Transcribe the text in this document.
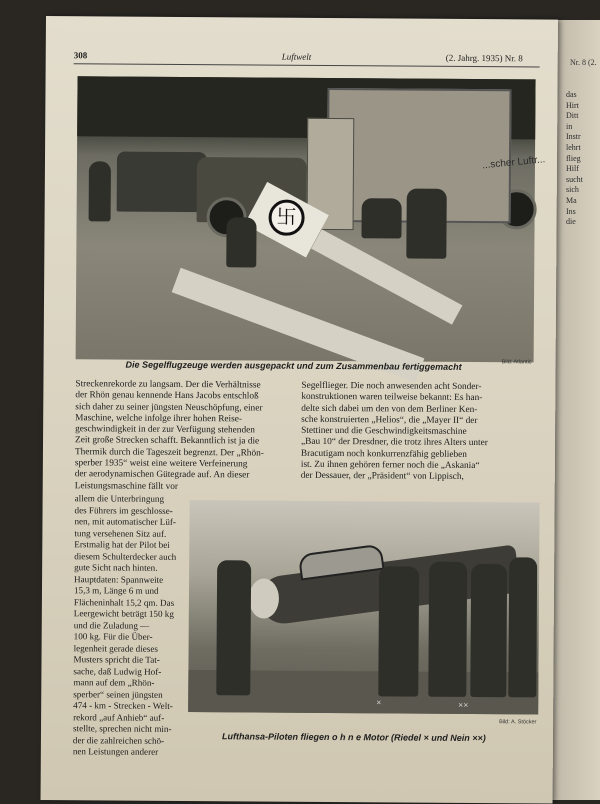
Nr. 8 (2.
das
Hirt
Ditt
in
Instr
lehrt
flieg
Hilf
sucht
sich
Ma
Ins
die
308	Luftwelt	(2. Jahrg. 1935) Nr. 8
...scher Luftr...
卐
Bild: Atlantic
Die Segelflugzeuge werden ausgepackt und zum Zusammenbau fertiggemacht
Streckenrekorde zu langsam. Der die Verhältnisse
der Rhön genau kennende Hans Jacobs entschloß
sich daher zu seiner jüngsten Neuschöpfung, einer
Maschine, welche infolge ihrer hohen Reise-
geschwindigkeit in der zur Verfügung stehenden
Zeit große Strecken schafft. Bekanntlich ist ja die
Thermik durch die Tageszeit begrenzt. Der „Rhön-
sperber 1935“ weist eine weitere Verfeinerung
der aerodynamischen Gütegrade auf. An dieser
Leistungsmaschine fällt vor
Segelflieger. Die noch anwesenden acht Sonder-
konstruktionen waren teilweise bekannt: Es han-
delte sich dabei um den von dem Berliner Ken-
sche konstruierten „Helios“, die „Mayer II“ der
Stettiner und die Geschwindigkeitsmaschine
„Bau 10“ der Dresdner, die trotz ihres Alters unter
Bracutigam noch konkurrenzfähig geblieben
ist. Zu ihnen gehören ferner noch die „Askania“
der Dessauer, der „Präsident“ von Lippisch,
allem die Unterbringung
des Führers im geschlosse-
nen, mit automatischer Lüf-
tung versehenen Sitz auf.
Erstmalig hat der Pilot bei
diesem Schulterdecker auch
gute Sicht nach hinten.
Hauptdaten: Spannweite
15,3 m, Länge 6 m und
Flächeninhalt 15,2 qm. Das
Leergewicht beträgt 150 kg
und die Zuladung —
100 kg. Für die Über-
legenheit gerade dieses
Musters spricht die Tat-
sache, daß Ludwig Hof-
mann auf dem „Rhön-
sperber“ seinen jüngsten
474 - km - Strecken - Welt-
rekord „auf Anhieb“ auf-
stellte, sprechen nicht min-
der die zahlreichen schö-
nen Leistungen anderer
×	××
Bild: A. Stöcker
Lufthansa-Piloten fliegen o h n e Motor (Riedel × und Nein ××)
